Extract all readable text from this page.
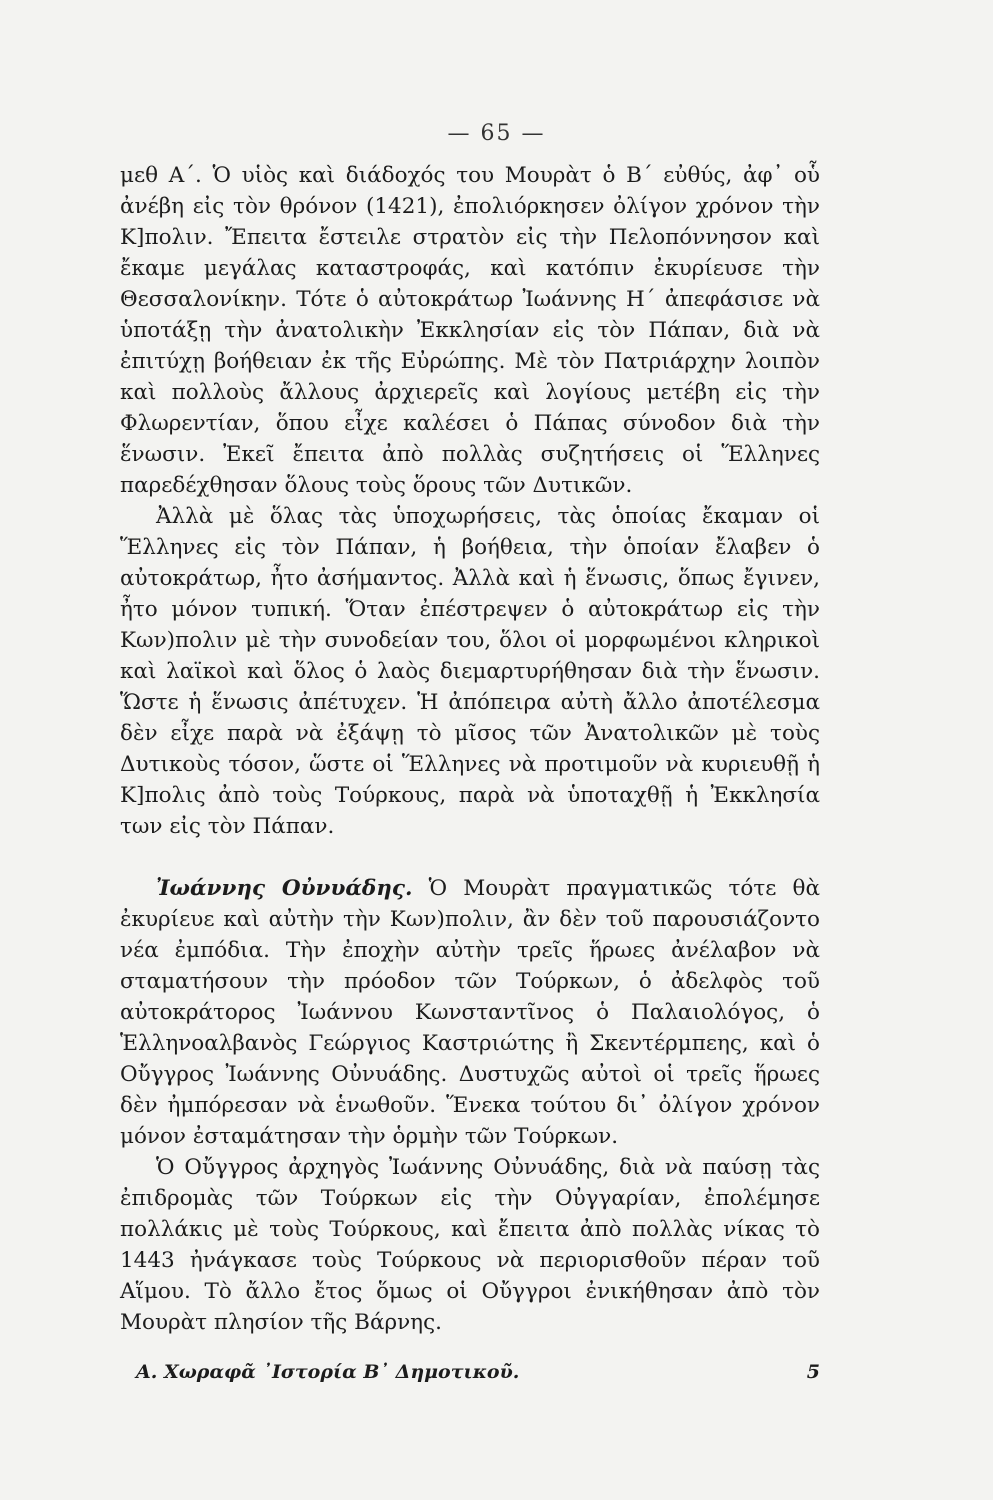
— 65 —

μεθ Α΄. Ὁ υἱὸς καὶ διάδοχός του Μουρὰτ ὁ Β΄ εὐθύς, ἀφ᾽ οὗ ἀνέβη εἰς τὸν θρόνον (1421), ἐπολιόρκησεν ὀλίγον χρόνον τὴν Κ]πολιν. Ἔπειτα ἔστειλε στρατὸν εἰς τὴν Πελοπόννησον καὶ ἔκαμε μεγάλας καταστροφάς, καὶ κατόπιν ἐκυρίευσε τὴν Θεσσαλονίκην. Τότε ὁ αὐτοκράτωρ Ἰωάννης Η΄ ἀπεφάσισε νὰ ὑποτάξῃ τὴν ἀνατολικὴν Ἐκκλησίαν εἰς τὸν Πάπαν, διὰ νὰ ἐπιτύχῃ βοήθειαν ἐκ τῆς Εὐρώπης. Μὲ τὸν Πατριάρχην λοιπὸν καὶ πολλοὺς ἄλλους ἀρχιερεῖς καὶ λογίους μετέβη εἰς τὴν Φλωρεντίαν, ὅπου εἶχε καλέσει ὁ Πάπας σύνοδον διὰ τὴν ἕνωσιν. Ἐκεῖ ἔπειτα ἀπὸ πολλὰς συζητήσεις οἱ Ἕλληνες παρεδέχθησαν ὅλους τοὺς ὅρους τῶν Δυτικῶν.

Ἀλλὰ μὲ ὅλας τὰς ὑποχωρήσεις, τὰς ὁποίας ἔκαμαν οἱ Ἕλληνες εἰς τὸν Πάπαν, ἡ βοήθεια, τὴν ὁποίαν ἔλαβεν ὁ αὐτοκράτωρ, ἦτο ἀσήμαντος. Ἀλλὰ καὶ ἡ ἕνωσις, ὅπως ἔγινεν, ἦτο μόνον τυπική. Ὅταν ἐπέστρεψεν ὁ αὐτοκράτωρ εἰς τὴν Κων)πολιν μὲ τὴν συνοδείαν του, ὅλοι οἱ μορφωμένοι κληρικοὶ καὶ λαϊκοὶ καὶ ὅλος ὁ λαὸς διεμαρτυρήθησαν διὰ τὴν ἕνωσιν. Ὥστε ἡ ἕνωσις ἀπέτυχεν. Ἡ ἀπόπειρα αὐτὴ ἄλλο ἀποτέλεσμα δὲν εἶχε παρὰ νὰ ἐξάψῃ τὸ μῖσος τῶν Ἀνατολικῶν μὲ τοὺς Δυτικοὺς τόσον, ὥστε οἱ Ἕλληνες νὰ προτιμοῦν νὰ κυριευθῇ ἡ Κ]πολις ἀπὸ τοὺς Τούρκους, παρὰ νὰ ὑποταχθῇ ἡ Ἐκκλησία των εἰς τὸν Πάπαν.

Ἰωάννης Οὐνυάδης. Ὁ Μουρὰτ πραγματικῶς τότε θὰ ἐκυρίευε καὶ αὐτὴν τὴν Κων)πολιν, ἂν δὲν τοῦ παρουσιάζοντο νέα ἐμπόδια. Τὴν ἐποχὴν αὐτὴν τρεῖς ἥρωες ἀνέλαβον νὰ σταματήσουν τὴν πρόοδον τῶν Τούρκων, ὁ ἀδελφὸς τοῦ αὐτοκράτορος Ἰωάννου Κωνσταντῖνος ὁ Παλαιολόγος, ὁ Ἑλληνοαλβανὸς Γεώργιος Καστριώτης ἢ Σκεντέρμπεης, καὶ ὁ Οὔγγρος Ἰωάννης Οὐνυάδης. Δυστυχῶς αὐτοὶ οἱ τρεῖς ἥρωες δὲν ἠμπόρεσαν νὰ ἑνωθοῦν. Ἕνεκα τούτου δι᾽ ὀλίγον χρόνον μόνον ἐσταμάτησαν τὴν ὁρμὴν τῶν Τούρκων.

Ὁ Οὔγγρος ἀρχηγὸς Ἰωάννης Οὐνυάδης, διὰ νὰ παύσῃ τὰς ἐπιδρομὰς τῶν Τούρκων εἰς τὴν Οὐγγαρίαν, ἐπολέμησε πολλάκις μὲ τοὺς Τούρκους, καὶ ἔπειτα ἀπὸ πολλὰς νίκας τὸ 1443 ἠνάγκασε τοὺς Τούρκους νὰ περιορισθοῦν πέραν τοῦ Αἵμου. Τὸ ἄλλο ἔτος ὅμως οἱ Οὔγγροι ἐνικήθησαν ἀπὸ τὸν Μουρὰτ πλησίον τῆς Βάρνης.

Α. Χωραφᾶ ᾽Ιστορία Β᾽ Δημοτικοῦ.	5
